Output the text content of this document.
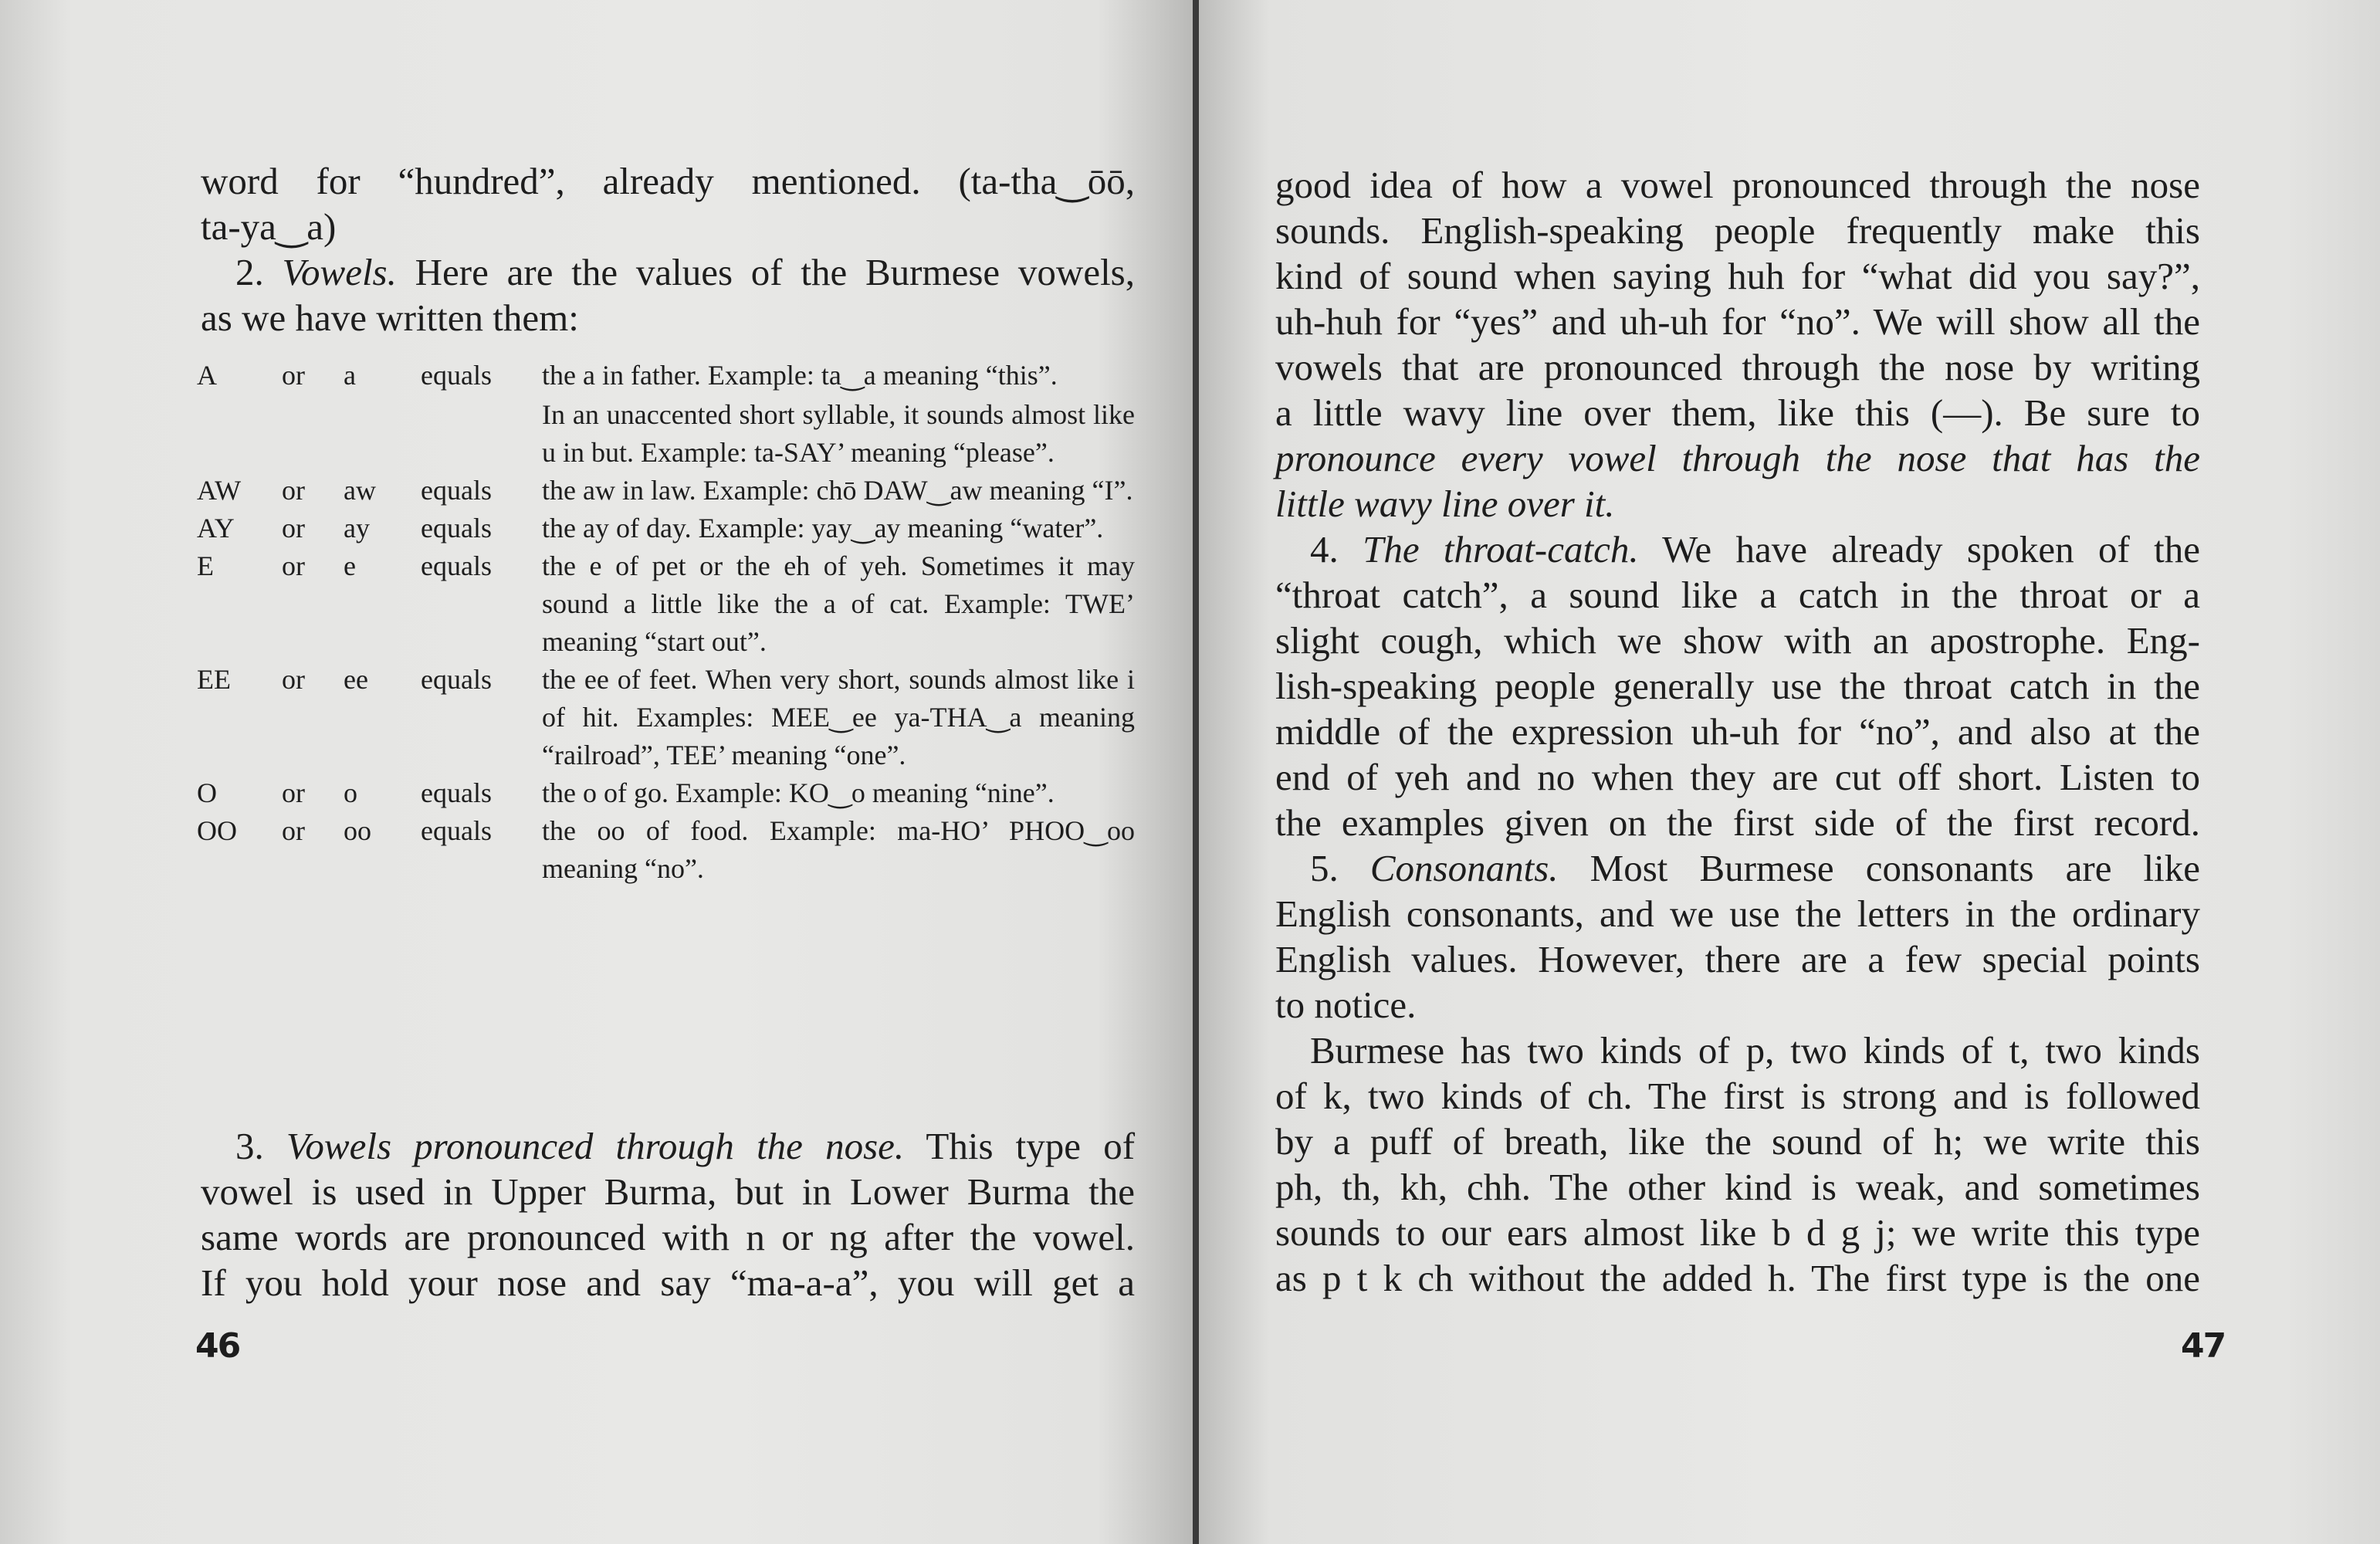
word for “hundred”, already mentioned. (ta-tha‿ōō,
ta-ya‿a)
2. Vowels. Here are the values of the Burmese vowels,
as we have written them:
A	or	a	equals	the a in father. Example: ta‿a meaning “this”.
In an unaccented short syllable, it sounds almost like u in but. Example: ta-SAY’ meaning “please”.
AW	or	aw	equals	the aw in law. Example: chō DAW‿aw meaning “I”.
AY	or	ay	equals	the ay of day. Example: yay‿ay meaning “water”.
E	or	e	equals	the e of pet or the eh of yeh. Sometimes it may sound a little like the a of cat. Example: TWE’ meaning “start out”.
EE	or	ee	equals	the ee of feet. When very short, sounds almost like i of hit. Examples: MEE‿ee ya-THA‿a meaning “railroad”, TEE’ meaning “one”.
O	or	o	equals	the o of go. Example: KO‿o meaning “nine”.
OO	or	oo	equals	the oo of food. Example: ma-HO’ PHOO‿oo meaning “no”.
3. Vowels pronounced through the nose. This type of
vowel is used in Upper Burma, but in Lower Burma the
same words are pronounced with n or ng after the vowel.
If you hold your nose and say “ma-a-a”, you will get a
46
good idea of how a vowel pronounced through the nose
sounds. English-speaking people frequently make this
kind of sound when saying huh for “what did you say?”,
uh-huh for “yes” and uh-uh for “no”. We will show all the
vowels that are pronounced through the nose by writing
a little wavy line over them, like this (—). Be sure to
pronounce every vowel through the nose that has the
little wavy line over it.
4. The throat-catch. We have already spoken of the
“throat catch”, a sound like a catch in the throat or a
slight cough, which we show with an apostrophe. Eng-
lish-speaking people generally use the throat catch in the
middle of the expression uh-uh for “no”, and also at the
end of yeh and no when they are cut off short. Listen to
the examples given on the first side of the first record.
5. Consonants. Most Burmese consonants are like
English consonants, and we use the letters in the ordinary
English values. However, there are a few special points
to notice.
Burmese has two kinds of p, two kinds of t, two kinds
of k, two kinds of ch. The first is strong and is followed
by a puff of breath, like the sound of h; we write this
ph, th, kh, chh. The other kind is weak, and sometimes
sounds to our ears almost like b d g j; we write this type
as p t k ch without the added h. The first type is the one
47
